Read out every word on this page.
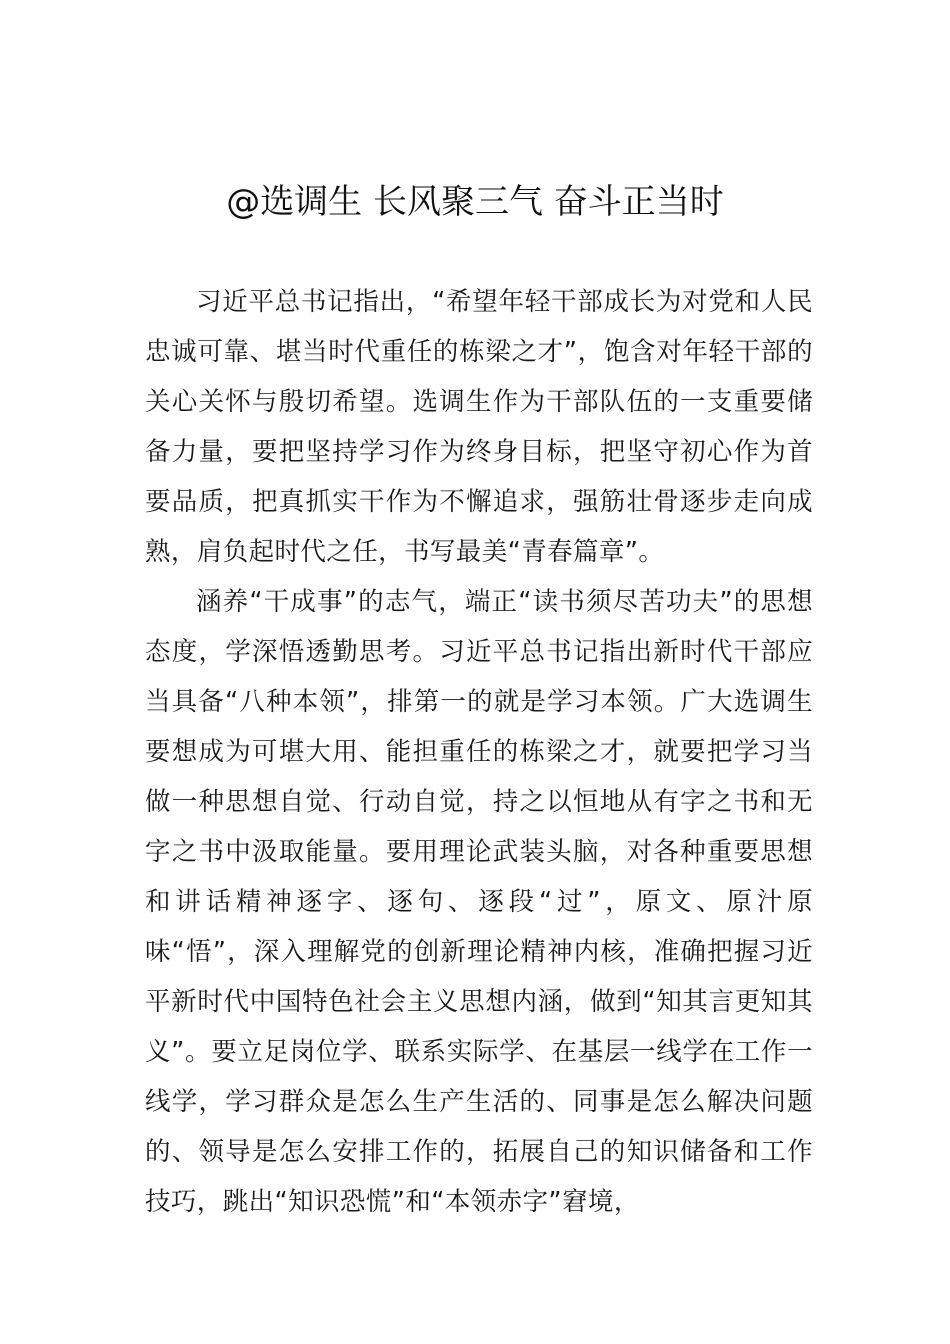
@选调生 长风聚三气 奋斗正当时

习近平总书记指出，“希望年轻干部成长为对党和人民忠诚可靠、堪当时代重任的栋梁之才”，饱含对年轻干部的关心关怀与殷切希望。选调生作为干部队伍的一支重要储备力量，要把坚持学习作为终身目标，把坚守初心作为首要品质，把真抓实干作为不懈追求，强筋壮骨逐步走向成熟，肩负起时代之任，书写最美“青春篇章”。

涵养“干成事”的志气，端正“读书须尽苦功夫”的思想态度，学深悟透勤思考。习近平总书记指出新时代干部应当具备“八种本领”，排第一的就是学习本领。广大选调生要想成为可堪大用、能担重任的栋梁之才，就要把学习当做一种思想自觉、行动自觉，持之以恒地从有字之书和无字之书中汲取能量。要用理论武装头脑，对各种重要思想和讲话精神逐字、逐句、逐段“过”，原文、原汁原味“悟”，深入理解党的创新理论精神内核，准确把握习近平新时代中国特色社会主义思想内涵，做到“知其言更知其义”。要立足岗位学、联系实际学、在基层一线学在工作一线学，学习群众是怎么生产生活的、同事是怎么解决问题的、领导是怎么安排工作的，拓展自己的知识储备和工作技巧，跳出“知识恐慌”和“本领赤字”窘境，
